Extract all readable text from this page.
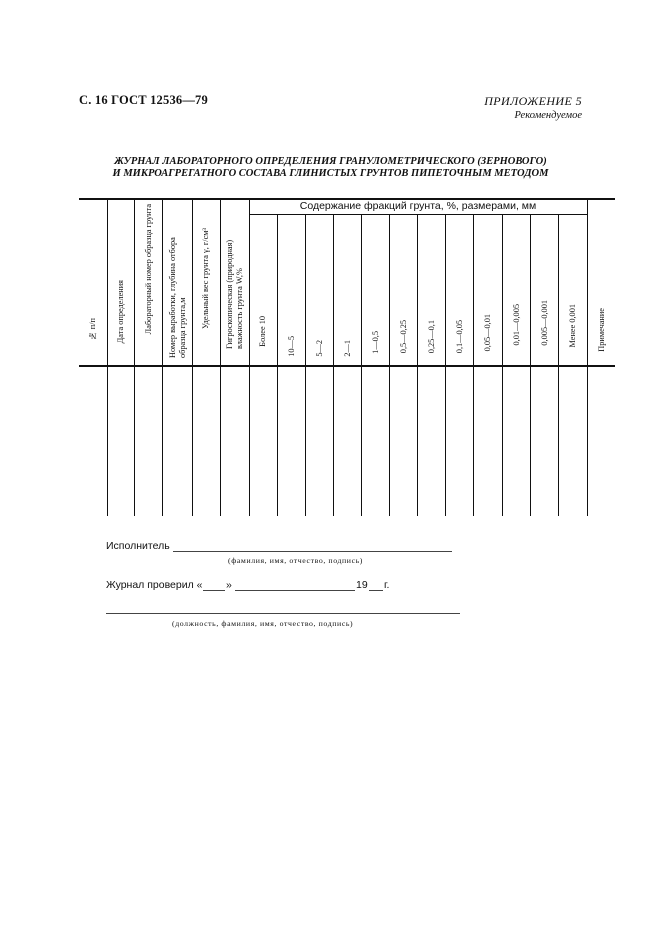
С. 16 ГОСТ 12536—79	ПРИЛОЖЕНИЕ 5
Рекомендуемое
ЖУРНАЛ ЛАБОРАТОРНОГО ОПРЕДЕЛЕНИЯ ГРАНУЛОМЕТРИЧЕСКОГО (ЗЕРНОВОГО)
И МИКРОАГРЕГАТНОГО СОСТАВА ГЛИНИСТЫХ ГРУНТОВ ПИПЕТОЧНЫМ МЕТОДОМ
Содержание фракций грунта, %, размерами, мм
№ п/п Дата определения Лабораторный номер образца грунта Номер выработки, глубина отбора образца грунта,м Удельный вес грунта γ, г/см³ Гигроскопическая (природная) влажность грунта W,% Более 10 10—5 5—2 2—1 1—0,5 0,5—0,25 0,25—0,1 0,1—0,05 0,05—0,01 0,01—0,005 0,005—0,001 Менее 0,001 Примечание
Исполнитель
(фамилия, имя, отчество, подпись)
Журнал проверил « »	19 г.
(должность, фамилия, имя, отчество, подпись)
